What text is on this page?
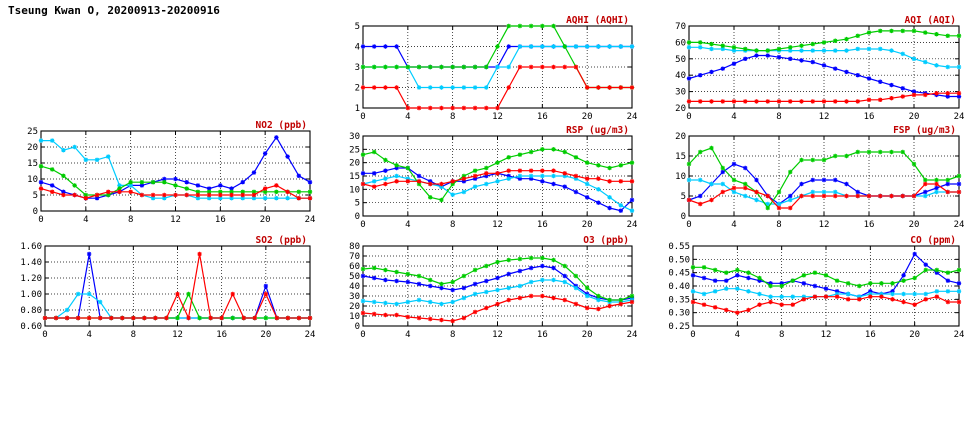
Tseung Kwan O, 20200913-20200916
0	4	8	12	16	20	24
1
2
3
4
5
AQHI (AQHI)
0	4	8	12	16	20	24
20
30
40
50
60
70
AQI (AQI)
0	4	8	12	16	20	24
0
5
10
15
20
25
NO2 (ppb)
0	4	8	12	16	20	24
0
5
10
15
20
25
30
RSP (ug/m3)
0	4	8	12	16	20	24
0
5
10
15
20
FSP (ug/m3)
0	4	8	12	16	20	24
0.60
0.80
1.00
1.20
1.40
1.60
SO2 (ppb)
0	4	8	12	16	20	24
0
10
20
30
40
50
60
70
80
O3 (ppb)
0	4	8	12	16	20	24
0.25
0.30
0.35
0.40
0.45
0.50
0.55
CO (ppm)
